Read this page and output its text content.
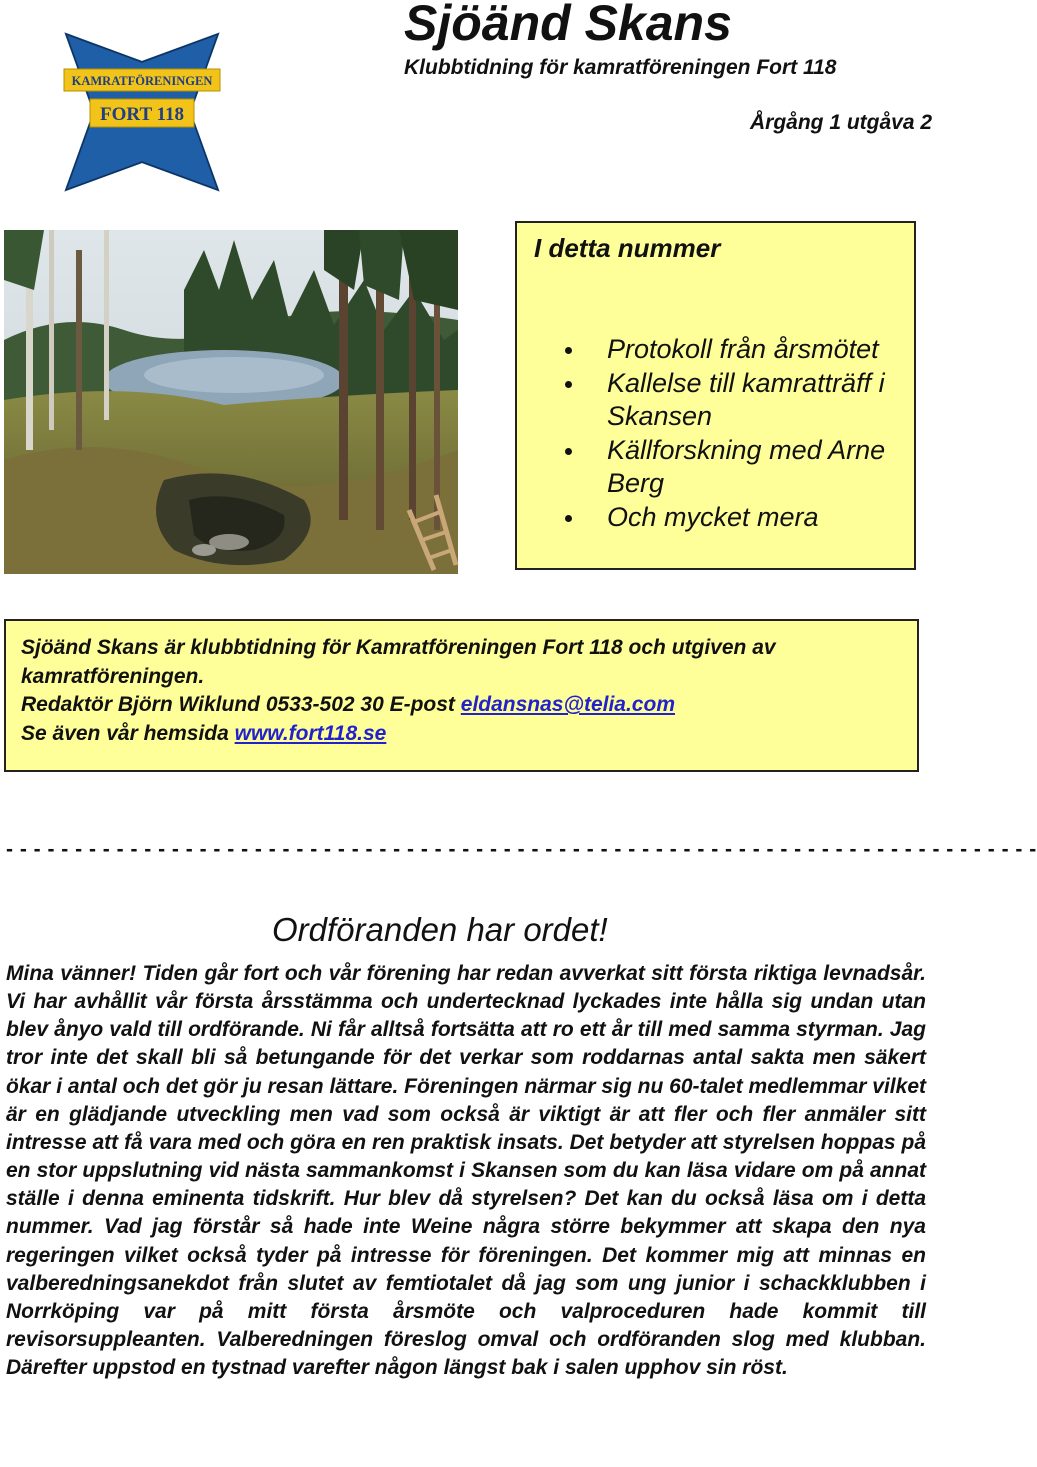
KAMRATFÖRENINGEN
FORT 118
Sjöänd Skans
Klubbtidning för kamratföreningen Fort 118
Årgång 1 utgåva 2
I detta nummer
Protokoll från årsmötet
Kallelse till kamratträff i Skansen
Källforskning med Arne Berg
Och mycket mera

Sjöänd Skans är klubbtidning för Kamratföreningen Fort 118 och utgiven av kamratföreningen.

Redaktör Björn Wiklund 0533-502 30 E-post eldansnas@telia.com

Se även vår hemsida www.fort118.se

- - - - - - - - - - - - - - - - - - - - - - - - - - - - - - - - - - - - - - - - - - - - - - - - - - - - - - - - - - - - - - - - - - - - - - - - - - -
Ordföranden har ordet!

Mina vänner! Tiden går fort och vår förening har redan avverkat sitt första riktiga levnadsår. Vi har avhållit vår första årsstämma och undertecknad lyckades inte hålla sig undan utan blev ånyo vald till ordförande. Ni får alltså fortsätta att ro ett år till med samma styrman. Jag tror inte det skall bli så betungande för det verkar som roddarnas antal sakta men säkert ökar i antal och det gör ju resan lättare. Föreningen närmar sig nu 60-talet medlemmar vilket är en glädjande utveckling men vad som också är viktigt är att fler och fler anmäler sitt intresse att få vara med och göra en ren praktisk insats. Det betyder att styrelsen hoppas på en stor uppslutning vid nästa sammankomst i Skansen som du kan läsa vidare om på annat ställe i denna eminenta tidskrift. Hur blev då styrelsen? Det kan du också läsa om i detta nummer. Vad jag förstår så hade inte Weine några större bekymmer att skapa den nya regeringen vilket också tyder på intresse för föreningen. Det kommer mig att minnas en valberedningsanekdot från slutet av femtiotalet då jag som ung junior i schackklubben i Norrköping var på mitt första årsmöte och valproceduren hade kommit till revisorsuppleanten. Valberedningen föreslog omval och ordföranden slog med klubban. Därefter uppstod en tystnad varefter någon längst bak i salen upphov sin röst.
